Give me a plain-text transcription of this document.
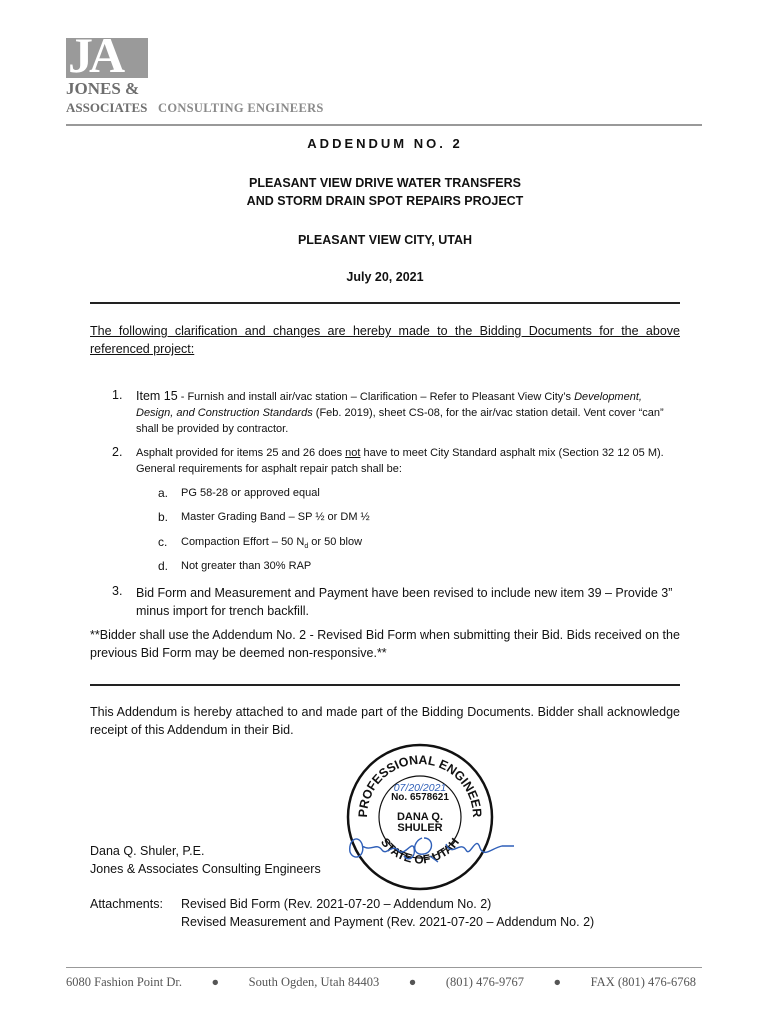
JA
JONES &
ASSOCIATES CONSULTING ENGINEERS
ADDENDUM NO. 2
PLEASANT VIEW DRIVE WATER TRANSFERS
AND STORM DRAIN SPOT REPAIRS PROJECT
PLEASANT VIEW CITY, UTAH
July 20, 2021
The following clarification and changes are hereby made to the Bidding Documents for the above referenced project:
1. Item 15 - Furnish and install air/vac station – Clarification – Refer to Pleasant View City’s Development, Design, and Construction Standards (Feb. 2019), sheet CS-08, for the air/vac station detail. Vent cover “can” shall be provided by contractor.
2. Asphalt provided for items 25 and 26 does not have to meet City Standard asphalt mix (Section 32 12 05 M). General requirements for asphalt repair patch shall be:
a. PG 58-28 or approved equal
b. Master Grading Band – SP ½ or DM ½
c. Compaction Effort – 50 $N_d$ or 50 blow
d. Not greater than 30% RAP
3. Bid Form and Measurement and Payment have been revised to include new item 39 – Provide 3” minus import for trench backfill.
**Bidder shall use the Addendum No. 2 - Revised Bid Form when submitting their Bid. Bids received on the previous Bid Form may be deemed non-responsive.**
This Addendum is hereby attached to and made part of the Bidding Documents. Bidder shall acknowledge receipt of this Addendum in their Bid.
PROFESSIONAL ENGINEER
STATE OF UTAH
07/20/2021
No. 6578621
DANA Q.
SHULER
Dana Q. Shuler, P.E.
Jones & Associates Consulting Engineers
Attachments: Revised Bid Form (Rev. 2021-07-20 – Addendum No. 2)
Revised Measurement and Payment (Rev. 2021-07-20 – Addendum No. 2)
6080 Fashion Point Dr. ● South Ogden, Utah 84403 ● (801) 476-9767 ● FAX (801) 476-6768
